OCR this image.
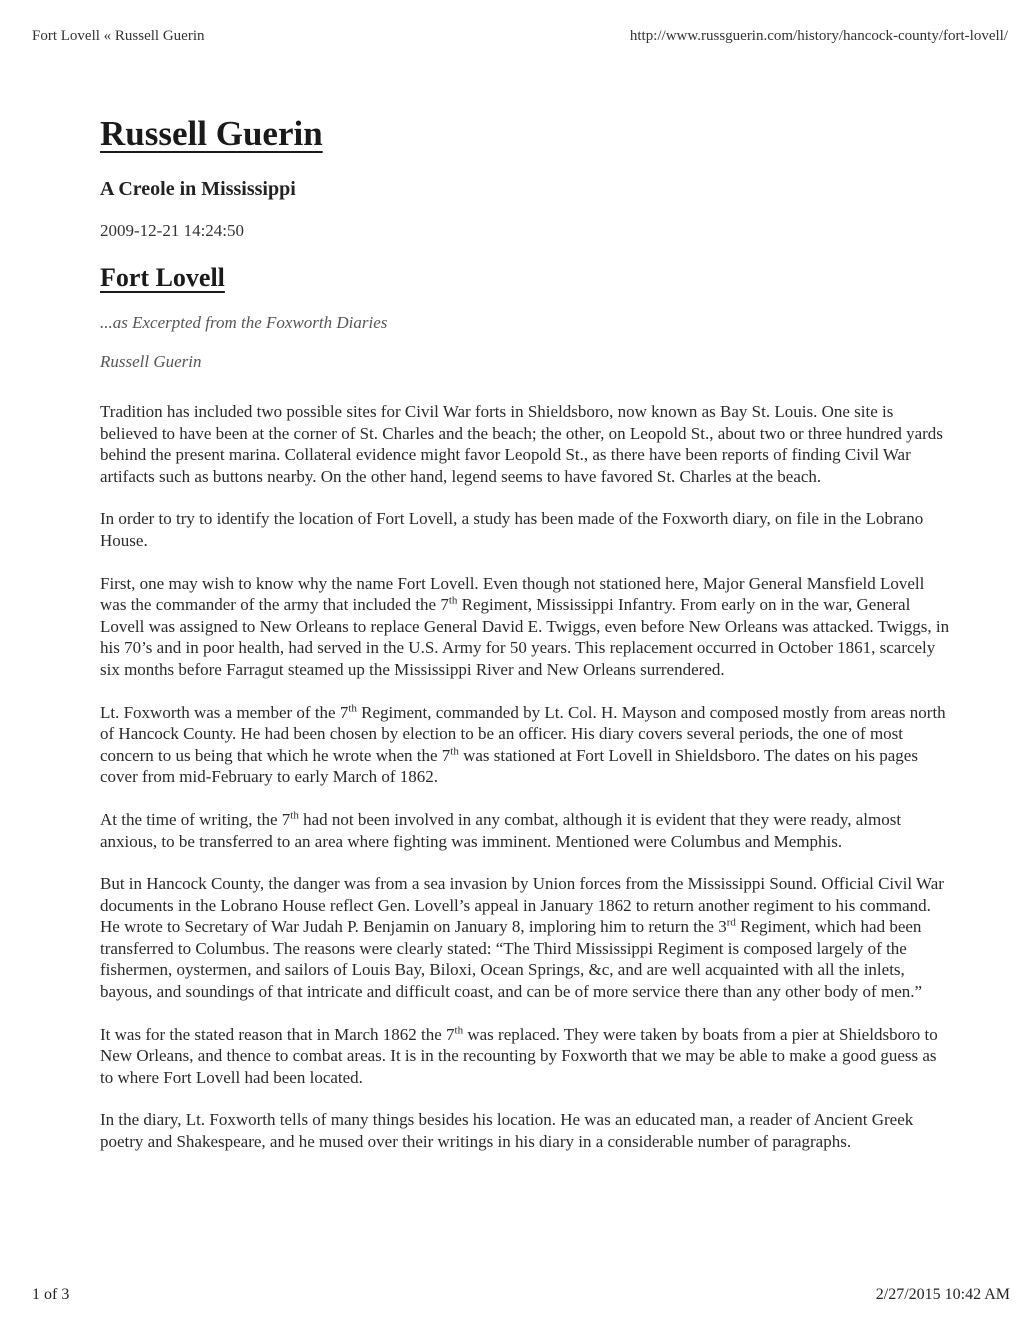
Fort Lovell « Russell Guerin	http://www.russguerin.com/history/hancock-county/fort-lovell/
Russell Guerin
A Creole in Mississippi
2009-12-21 14:24:50
Fort Lovell
...as Excerpted from the Foxworth Diaries
Russell Guerin

Tradition has included two possible sites for Civil War forts in Shieldsboro, now known as Bay St. Louis. One site is believed to have been at the corner of St. Charles and the beach; the other, on Leopold St., about two or three hundred yards behind the present marina. Collateral evidence might favor Leopold St., as there have been reports of finding Civil War artifacts such as buttons nearby. On the other hand, legend seems to have favored St. Charles at the beach.

In order to try to identify the location of Fort Lovell, a study has been made of the Foxworth diary, on file in the Lobrano House.

First, one may wish to know why the name Fort Lovell. Even though not stationed here, Major General Mansfield Lovell was the commander of the army that included the 7th Regiment, Mississippi Infantry. From early on in the war, General Lovell was assigned to New Orleans to replace General David E. Twiggs, even before New Orleans was attacked. Twiggs, in his 70’s and in poor health, had served in the U.S. Army for 50 years. This replacement occurred in October 1861, scarcely six months before Farragut steamed up the Mississippi River and New Orleans surrendered.

Lt. Foxworth was a member of the 7th Regiment, commanded by Lt. Col. H. Mayson and composed mostly from areas north of Hancock County. He had been chosen by election to be an officer. His diary covers several periods, the one of most concern to us being that which he wrote when the 7th was stationed at Fort Lovell in Shieldsboro. The dates on his pages cover from mid-February to early March of 1862.

At the time of writing, the 7th had not been involved in any combat, although it is evident that they were ready, almost anxious, to be transferred to an area where fighting was imminent. Mentioned were Columbus and Memphis.

But in Hancock County, the danger was from a sea invasion by Union forces from the Mississippi Sound. Official Civil War documents in the Lobrano House reflect Gen. Lovell’s appeal in January 1862 to return another regiment to his command. He wrote to Secretary of War Judah P. Benjamin on January 8, imploring him to return the 3rd Regiment, which had been transferred to Columbus. The reasons were clearly stated: “The Third Mississippi Regiment is composed largely of the fishermen, oystermen, and sailors of Louis Bay, Biloxi, Ocean Springs, &c, and are well acquainted with all the inlets, bayous, and soundings of that intricate and difficult coast, and can be of more service there than any other body of men.”

It was for the stated reason that in March 1862 the 7th was replaced. They were taken by boats from a pier at Shieldsboro to New Orleans, and thence to combat areas. It is in the recounting by Foxworth that we may be able to make a good guess as to where Fort Lovell had been located.

In the diary, Lt. Foxworth tells of many things besides his location. He was an educated man, a reader of Ancient Greek poetry and Shakespeare, and he mused over their writings in his diary in a considerable number of paragraphs.

1 of 3	2/27/2015 10:42 AM
